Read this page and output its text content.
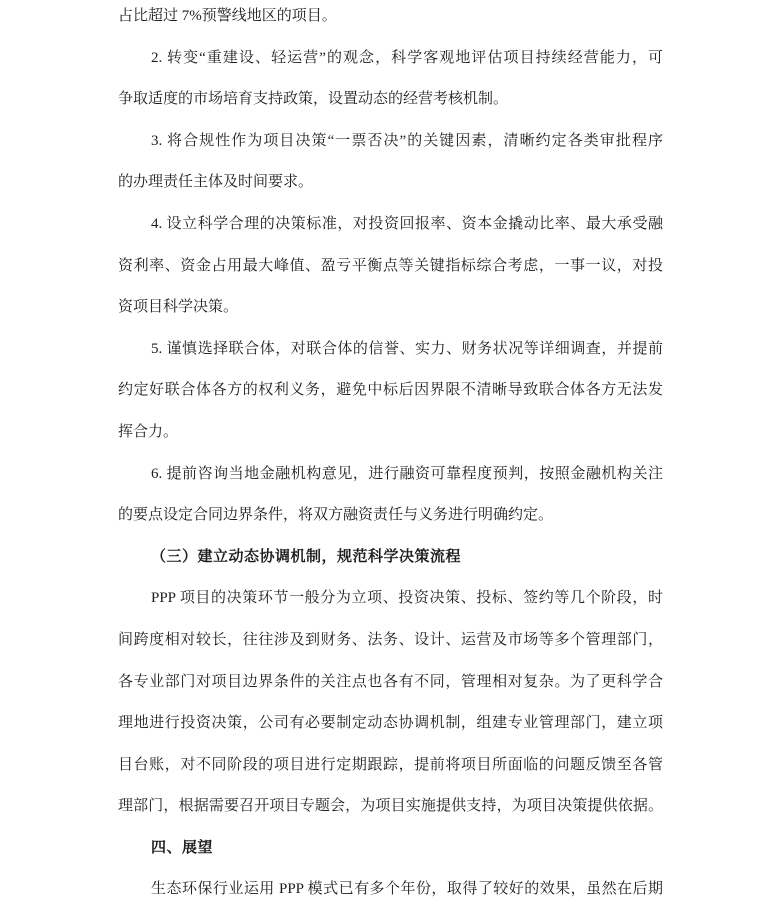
占比超过 7%预警线地区的项目。

2. 转变“重建设、轻运营”的观念，科学客观地评估项目持续经营能力，可
争取适度的市场培育支持政策，设置动态的经营考核机制。

3. 将合规性作为项目决策“一票否决”的关键因素，清晰约定各类审批程序
的办理责任主体及时间要求。

4. 设立科学合理的决策标准，对投资回报率、资本金撬动比率、最大承受融
资利率、资金占用最大峰值、盈亏平衡点等关键指标综合考虑，一事一议，对投
资项目科学决策。

5. 谨慎选择联合体，对联合体的信誉、实力、财务状况等详细调查，并提前
约定好联合体各方的权利义务，避免中标后因界限不清晰导致联合体各方无法发
挥合力。

6. 提前咨询当地金融机构意见，进行融资可靠程度预判，按照金融机构关注
的要点设定合同边界条件，将双方融资责任与义务进行明确约定。

（三）建立动态协调机制，规范科学决策流程

PPP 项目的决策环节一般分为立项、投资决策、投标、签约等几个阶段，时
间跨度相对较长，往往涉及到财务、法务、设计、运营及市场等多个管理部门，
各专业部门对项目边界条件的关注点也各有不同，管理相对复杂。为了更科学合
理地进行投资决策，公司有必要制定动态协调机制，组建专业管理部门，建立项
目台账，对不同阶段的项目进行定期跟踪，提前将项目所面临的问题反馈至各管
理部门，根据需要召开项目专题会，为项目实施提供支持，为项目决策提供依据。

四、展望

生态环保行业运用 PPP 模式已有多个年份，取得了较好的效果，虽然在后期
